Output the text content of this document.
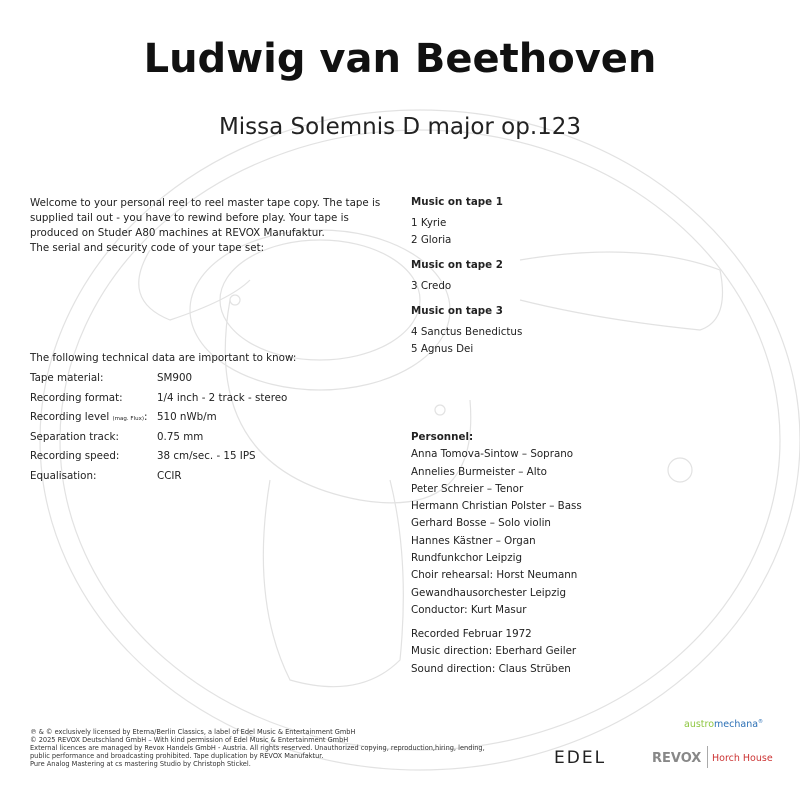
Ludwig van Beethoven
Missa Solemnis D major op.123
Welcome to your personal reel to reel master tape copy. The tape is supplied tail out - you have to rewind before play. Your tape is produced on Studer A80 machines at REVOX Manufaktur.
The serial and security code of your tape set:
The following technical data are important to know:
Tape material:	SM900
Recording format:	1/4 inch - 2 track - stereo
Recording level (mag. Flux): 510 nWb/m
Separation track:	0.75 mm
Recording speed:	38 cm/sec. - 15 IPS
Equalisation:	CCIR
Music on tape 1
1 Kyrie
2 Gloria
Music on tape 2
3 Credo
Music on tape 3
4 Sanctus Benedictus
5 Agnus Dei
Personnel:
Anna Tomova-Sintow – Soprano
Annelies Burmeister – Alto
Peter Schreier – Tenor
Hermann Christian Polster – Bass
Gerhard Bosse – Solo violin
Hannes Kästner – Organ
Rundfunkchor Leipzig
Choir rehearsal: Horst Neumann
Gewandhausorchester Leipzig
Conductor: Kurt Masur
Recorded Februar 1972
Music direction: Eberhard Geiler
Sound direction: Claus Strüben
℗ & © exclusively licensed by Eterna/Berlin Classics, a label of Edel Music & Entertainment GmbH
© 2025 REVOX Deutschland GmbH – With kind permission of Edel Music & Entertainment GmbH
External licences are managed by Revox Handels GmbH - Austria. All rights reserved. Unauthorized copying, reproduction,hiring, lending,
public performance and broadcasting prohibited. Tape duplication by REVOX Manufaktur.
Pure Analog Mastering at cs mastering Studio by Christoph Stickel.
austromechana®
EDEL	REVOX Horch House
